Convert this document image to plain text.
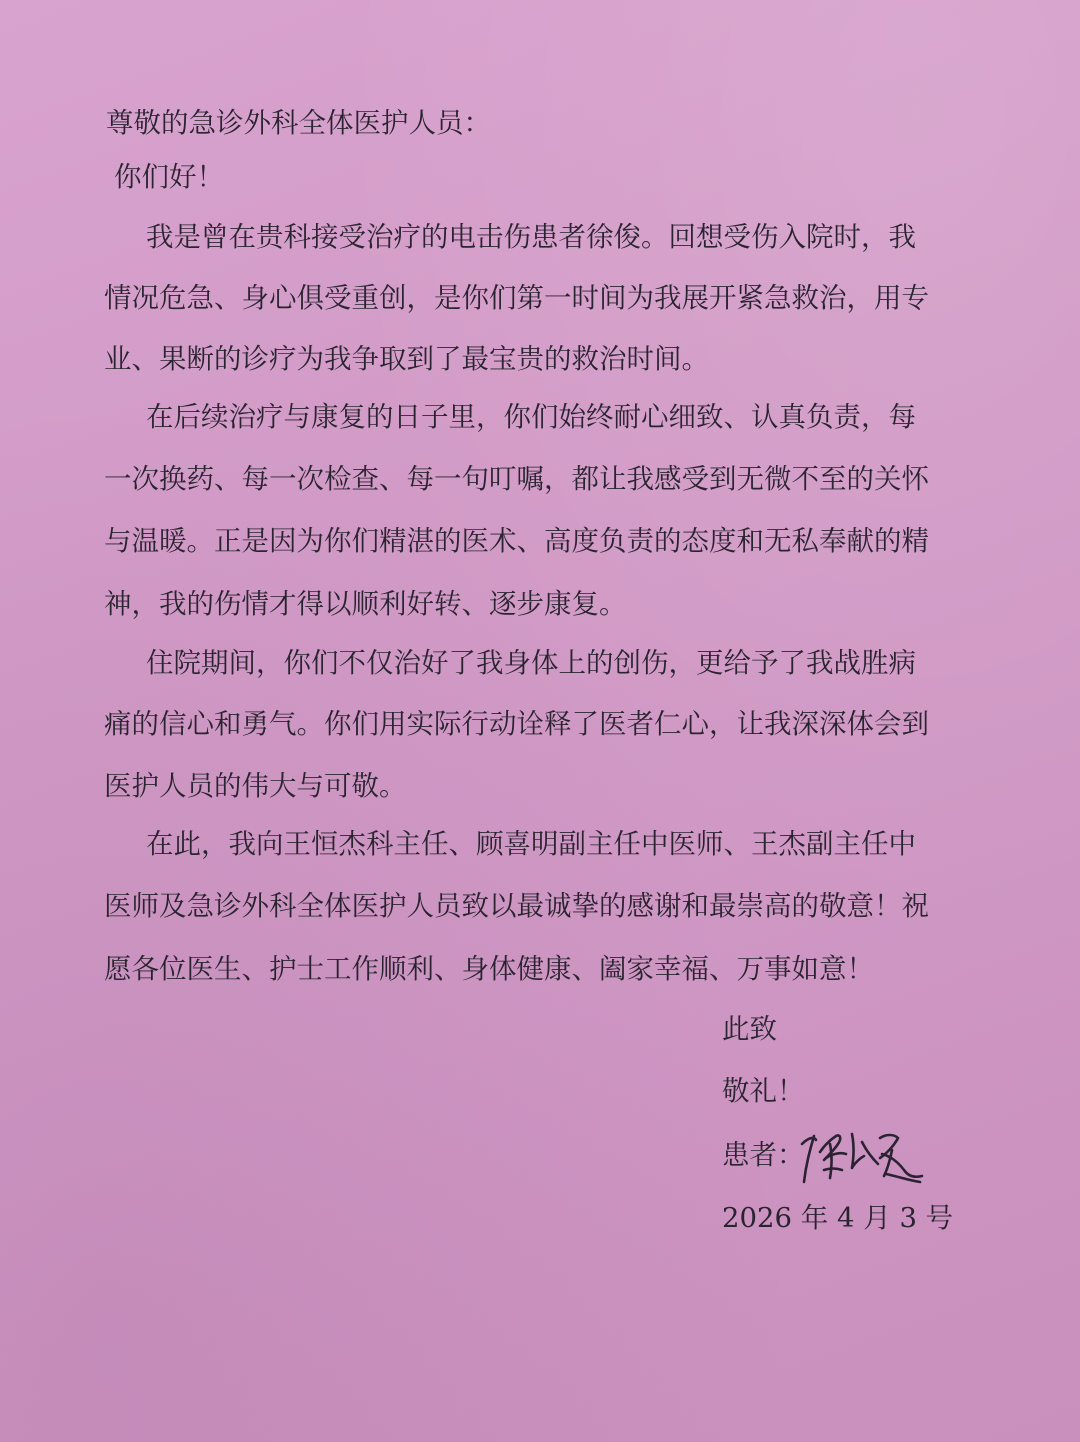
尊敬的急诊外科全体医护人员：
你们好！
我是曾在贵科接受治疗的电击伤患者徐俊。回想受伤入院时，我
情况危急、身心俱受重创，是你们第一时间为我展开紧急救治，用专
业、果断的诊疗为我争取到了最宝贵的救治时间。
在后续治疗与康复的日子里，你们始终耐心细致、认真负责，每
一次换药、每一次检查、每一句叮嘱，都让我感受到无微不至的关怀
与温暖。正是因为你们精湛的医术、高度负责的态度和无私奉献的精
神，我的伤情才得以顺利好转、逐步康复。
住院期间，你们不仅治好了我身体上的创伤，更给予了我战胜病
痛的信心和勇气。你们用实际行动诠释了医者仁心，让我深深体会到
医护人员的伟大与可敬。
在此，我向王恒杰科主任、顾喜明副主任中医师、王杰副主任中
医师及急诊外科全体医护人员致以最诚挚的感谢和最崇高的敬意！祝
愿各位医生、护士工作顺利、身体健康、阖家幸福、万事如意！
此致
敬礼！
患者：
2026 年 4 月 3 号
